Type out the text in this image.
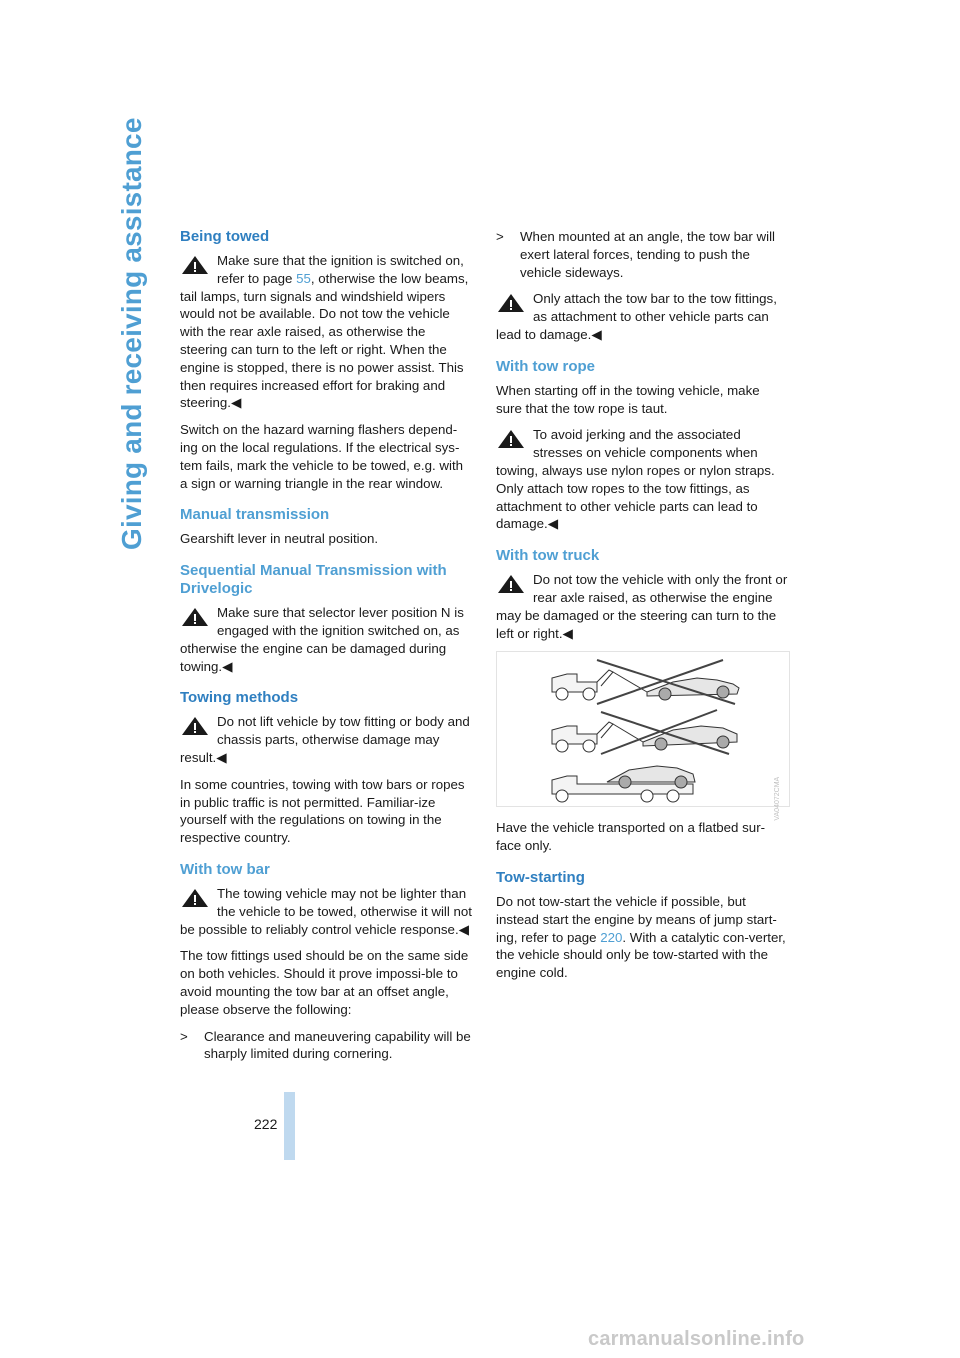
Giving and receiving assistance Being towed
Make sure that the ignition is switched on, refer to page 55, otherwise the low beams, tail lamps, turn signals and windshield wipers would not be available. Do not tow the vehicle with the rear axle raised, as otherwise the steering can turn to the left or right. When the engine is stopped, there is no power assist. This then requires increased effort for braking and steering.◀

Switch on the hazard warning flashers depend-ing on the local regulations. If the electrical sys-tem fails, mark the vehicle to be towed, e.g. with a sign or warning triangle in the rear window.

Manual transmission

Gearshift lever in neutral position.

Sequential Manual Transmission with Drivelogic
Make sure that selector lever position N is engaged with the ignition switched on, as otherwise the engine can be damaged during towing.◀
Towing methods
Do not lift vehicle by tow fitting or body and chassis parts, otherwise damage may result.◀

In some countries, towing with tow bars or ropes in public traffic is not permitted. Familiar-ize yourself with the regulations on towing in the respective country.

With tow bar
The towing vehicle may not be lighter than the vehicle to be towed, otherwise it will not be possible to reliably control vehicle response.◀

The tow fittings used should be on the same side on both vehicles. Should it prove impossi-ble to avoid mounting the tow bar at an offset angle, please observe the following:

> Clearance and maneuvering capability will be sharply limited during cornering.
> When mounted at an angle, the tow bar will exert lateral forces, tending to push the vehicle sideways.
Only attach the tow bar to the tow fittings, as attachment to other vehicle parts can lead to damage.◀
With tow rope

When starting off in the towing vehicle, make sure that the tow rope is taut.

To avoid jerking and the associated stresses on vehicle components when towing, always use nylon ropes or nylon straps. Only attach tow ropes to the tow fittings, as attachment to other vehicle parts can lead to damage.◀
With tow truck
Do not tow the vehicle with only the front or rear axle raised, as otherwise the engine may be damaged or the steering can turn to the left or right.◀
VA04072CMA

Have the vehicle transported on a flatbed sur-face only.

Tow-starting

Do not tow-start the vehicle if possible, but instead start the engine by means of jump start-ing, refer to page 220. With a catalytic con-verter, the vehicle should only be tow-started with the engine cold.

222
carmanualsonline.info
